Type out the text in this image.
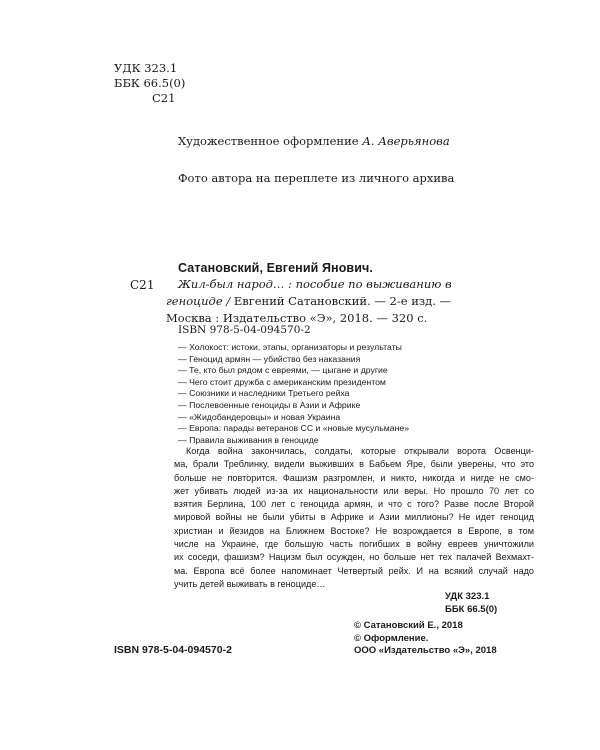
УДК 323.1
ББК 66.5(0)
С21
Художественное оформление А. Аверьянова
Фото автора на переплете из личного архива
Сатановский, Евгений Янович.
С21	Жил-был народ… : пособие по выживанию в геноциде / Евгений Сатановский. — 2-е изд. — Москва : Издательство «Э», 2018. — 320 с.
ISBN 978-5-04-094570-2
— Холокост: истоки, этапы, организаторы и результаты
— Геноцид армян — убийство без наказания
— Те, кто был рядом с евреями, — цыгане и другие
— Чего стоит дружба с американским президентом
— Союзники и наследники Третьего рейха
— Послевоенные геноциды в Азии и Африке
— «Жидобандеровцы» и новая Украина
— Европа: парады ветеранов СС и «новые мусульмане»
— Правила выживания в геноциде
Когда война закончилась, солдаты, которые открывали ворота Освенци-
ма, брали Треблинку, видели выживших в Бабьем Яре, были уверены, что это
больше не повторится. Фашизм разгромлен, и никто, никогда и нигде не смо-
жет убивать людей из-за их национальности или веры. Но прошло 70 лет со
взятия Берлина, 100 лет с геноцида армян, и что с того? Разве после Второй
мировой войны не были убиты в Африке и Азии миллионы? Не идет геноцид
христиан и йезидов на Ближнем Востоке? Не возрождается в Европе, в том
числе на Украине, где большую часть погибших в войну евреев уничтожили
их соседи, фашизм? Нацизм был осужден, но больше нет тех палачей Вехмахт-
ма. Европа всё более напоминает Четвертый рейх. И на всякий случай надо
учить детей выживать в геноциде…
УДК 323.1
ББК 66.5(0)
ISBN 978-5-04-094570-2
© Сатановский Е., 2018
© Оформление.
ООО «Издательство «Э», 2018
